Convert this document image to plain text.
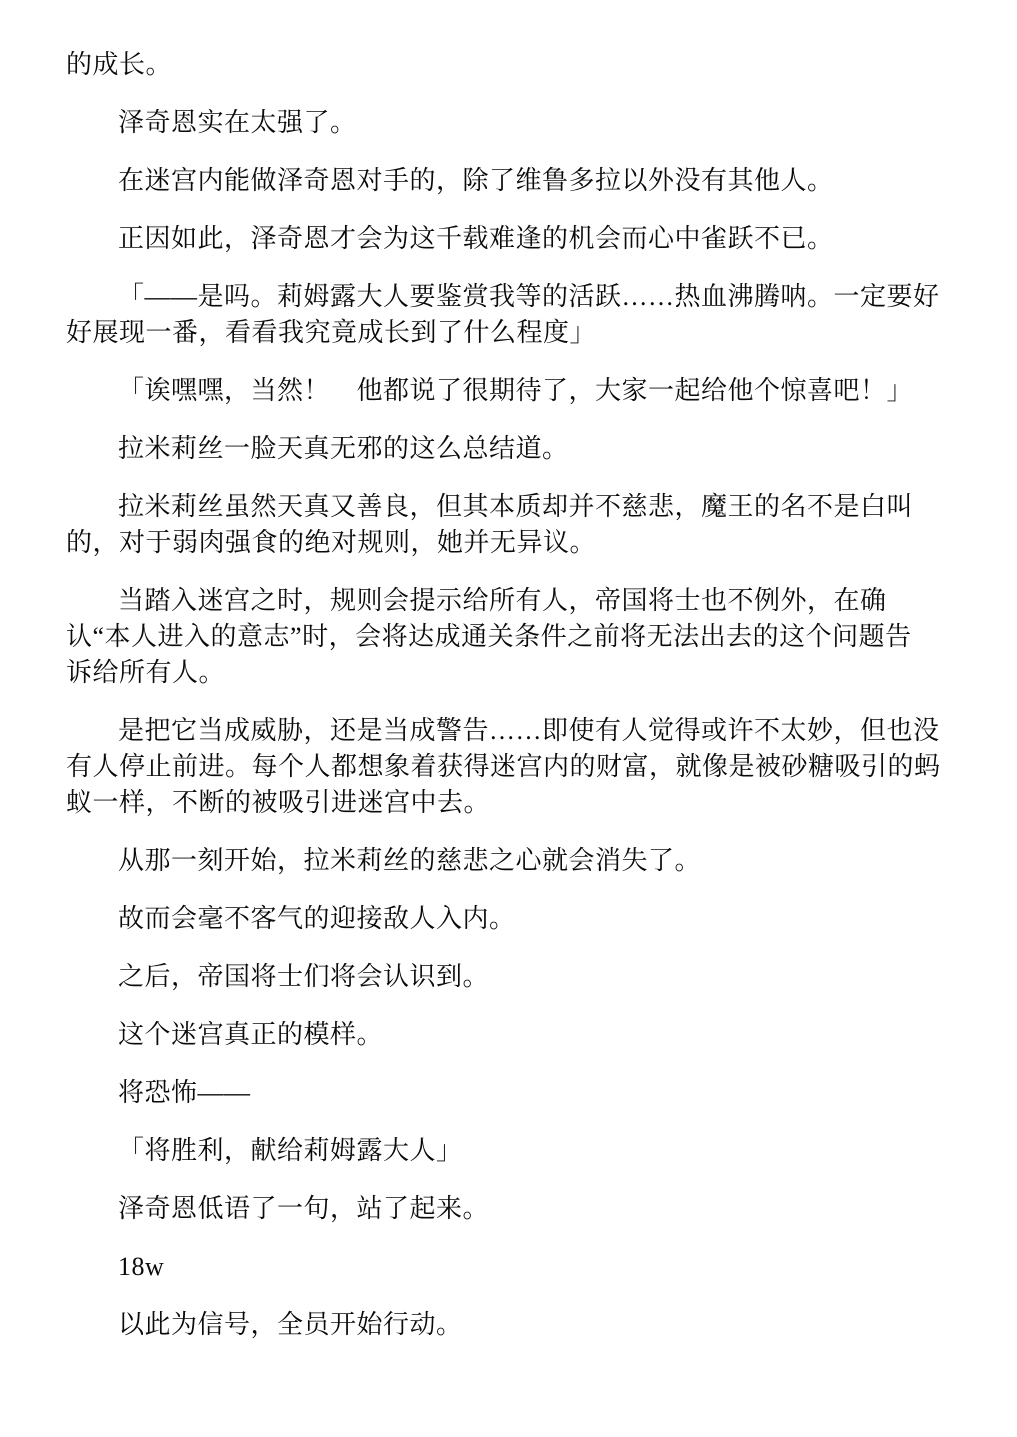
的成长。
泽奇恩实在太强了。
在迷宫内能做泽奇恩对手的，除了维鲁多拉以外没有其他人。
正因如此，泽奇恩才会为这千载难逢的机会而心中雀跃不已。
「——是吗。莉姆露大人要鉴赏我等的活跃……热血沸腾呐。一定要好
好展现一番，看看我究竟成长到了什么程度」
「诶嘿嘿，当然！　他都说了很期待了，大家一起给他个惊喜吧！」
拉米莉丝一脸天真无邪的这么总结道。
拉米莉丝虽然天真又善良，但其本质却并不慈悲，魔王的名不是白叫
的，对于弱肉强食的绝对规则，她并无异议。
当踏入迷宫之时，规则会提示给所有人，帝国将士也不例外，在确
认“本人进入的意志”时，会将达成通关条件之前将无法出去的这个问题告
诉给所有人。
是把它当成威胁，还是当成警告……即使有人觉得或许不太妙，但也没
有人停止前进。每个人都想象着获得迷宫内的财富，就像是被砂糖吸引的蚂
蚁一样，不断的被吸引进迷宫中去。
从那一刻开始，拉米莉丝的慈悲之心就会消失了。
故而会毫不客气的迎接敌人入内。
之后，帝国将士们将会认识到。
这个迷宫真正的模样。
将恐怖——
「将胜利，献给莉姆露大人」
泽奇恩低语了一句，站了起来。
18w
以此为信号，全员开始行动。
